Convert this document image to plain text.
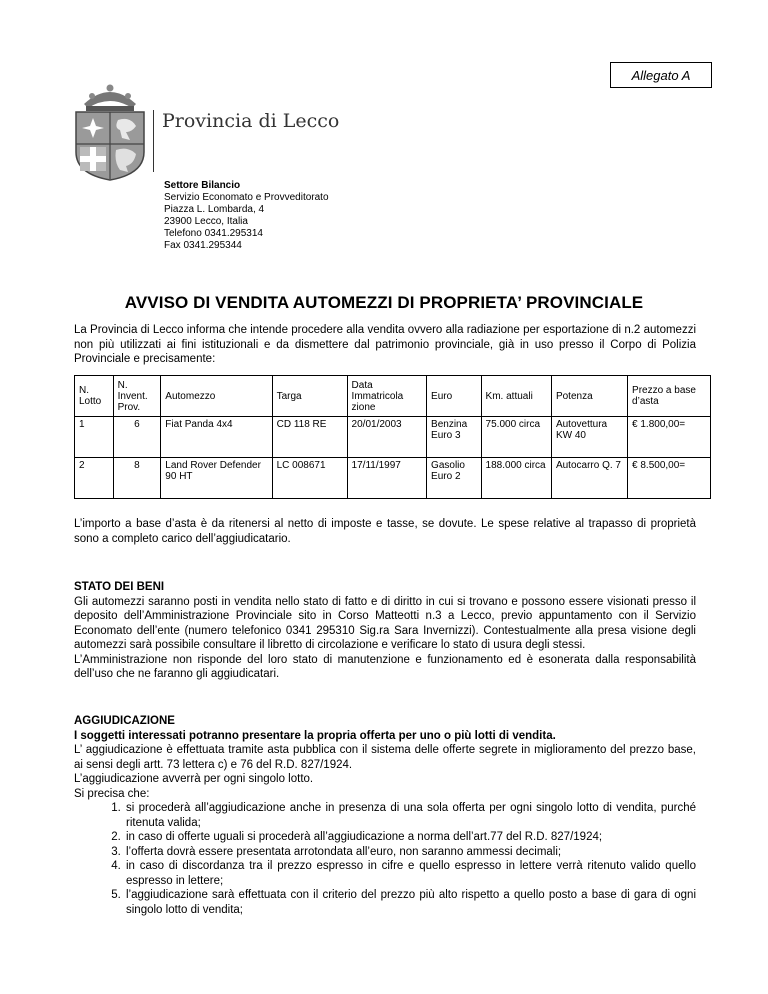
Allegato A
Provincia di Lecco
Settore Bilancio
Servizio Economato e Provveditorato
Piazza L. Lombarda, 4
23900 Lecco, Italia
Telefono 0341.295314
Fax 0341.295344
AVVISO DI VENDITA AUTOMEZZI DI PROPRIETA’ PROVINCIALE
La Provincia di Lecco informa che intende procedere alla vendita ovvero alla radiazione per esportazione di n.2 automezzi non più utilizzati ai fini istituzionali e da dismettere dal patrimonio provinciale, già in uso presso il Corpo di Polizia Provinciale e precisamente:
N. Lotto	N. Invent. Prov.	Automezzo	Targa	Data Immatricola zione	Euro	Km. attuali	Potenza	Prezzo a base d’asta
1	6	Fiat Panda 4x4	CD 118 RE	20/01/2003	Benzina Euro 3	75.000 circa	Autovettura KW 40	€ 1.800,00=
2	8	Land Rover Defender 90 HT	LC 008671	17/11/1997	Gasolio Euro 2	188.000 circa	Autocarro Q. 7	€ 8.500,00=
L’importo a base d’asta è da ritenersi al netto di imposte e tasse, se dovute. Le spese relative al trapasso di proprietà sono a completo carico dell’aggiudicatario.
STATO DEI BENI
Gli automezzi saranno posti in vendita nello stato di fatto e di diritto in cui si trovano e possono essere visionati presso il deposito dell’Amministrazione Provinciale sito in Corso Matteotti n.3 a Lecco, previo appuntamento con il Servizio Economato dell’ente (numero telefonico 0341 295310 Sig.ra Sara Invernizzi). Contestualmente alla presa visione degli automezzi sarà possibile consultare il libretto di circolazione e verificare lo stato di usura degli stessi.
L’Amministrazione non risponde del loro stato di manutenzione e funzionamento ed è esonerata dalla responsabilità dell’uso che ne faranno gli aggiudicatari.
AGGIUDICAZIONE
I soggetti interessati potranno presentare la propria offerta per uno o più lotti di vendita.
L’ aggiudicazione è effettuata tramite asta pubblica con il sistema delle offerte segrete in miglioramento del prezzo base, ai sensi degli artt. 73 lettera c) e 76 del R.D. 827/1924.
L’aggiudicazione avverrà per ogni singolo lotto.
Si precisa che:
1. si procederà all’aggiudicazione anche in presenza di una sola offerta per ogni singolo lotto di vendita, purché ritenuta valida;
2. in caso di offerte uguali si procederà all’aggiudicazione a norma dell’art.77 del R.D. 827/1924;
3. l’offerta dovrà essere presentata arrotondata all’euro, non saranno ammessi decimali;
4. in caso di discordanza tra il prezzo espresso in cifre e quello espresso in lettere verrà ritenuto valido quello espresso in lettere;
5. l’aggiudicazione sarà effettuata con il criterio del prezzo più alto rispetto a quello posto a base di gara di ogni singolo lotto di vendita;
